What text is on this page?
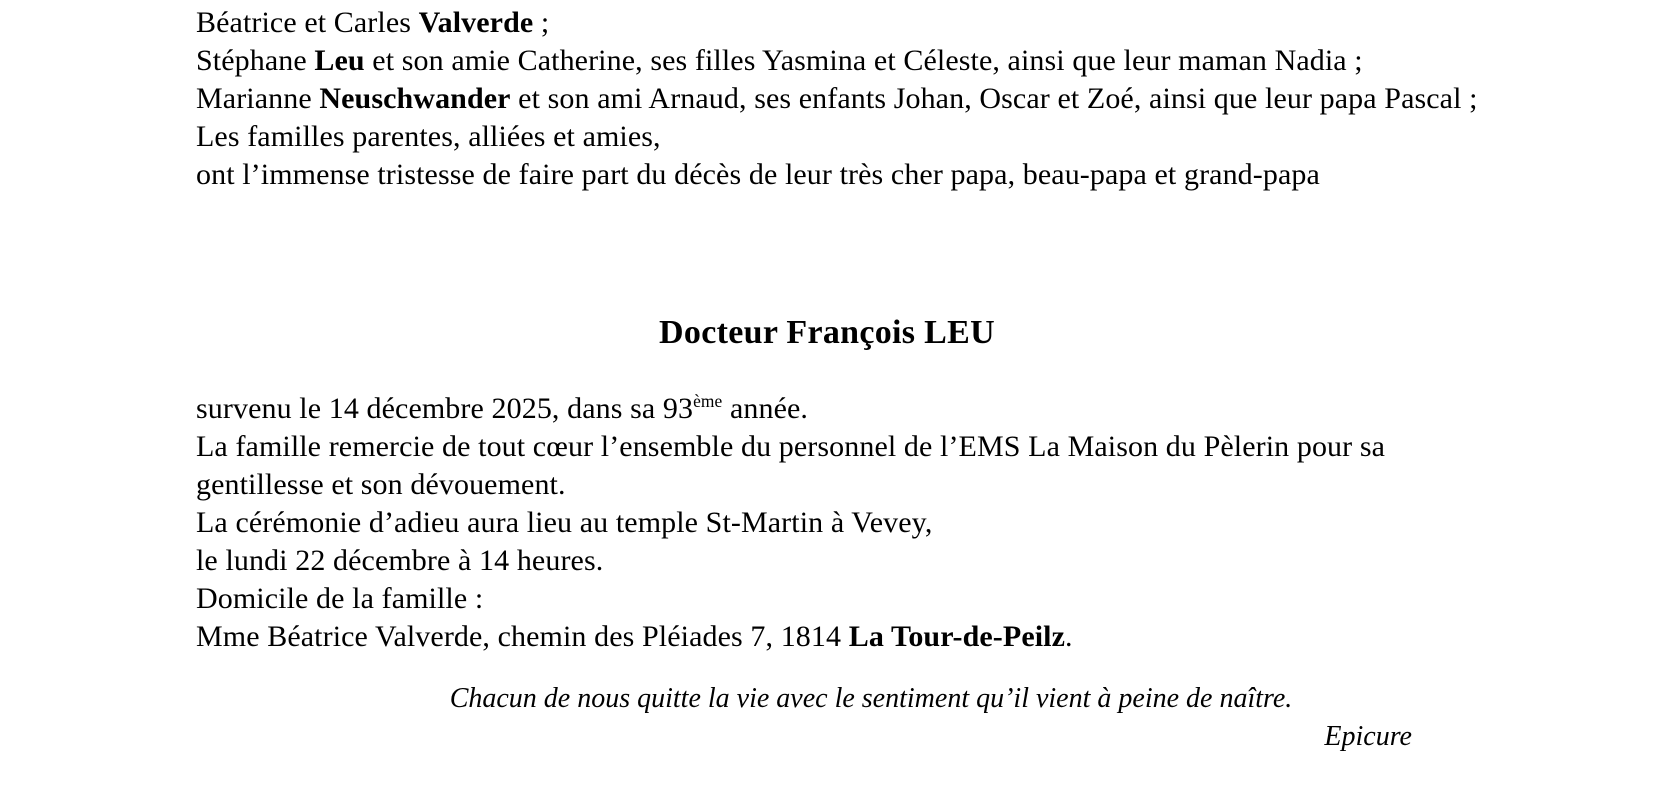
Béatrice et Carles Valverde ;
Stéphane Leu et son amie Catherine, ses filles Yasmina et Céleste, ainsi que leur maman Nadia ;
Marianne Neuschwander et son ami Arnaud, ses enfants Johan, Oscar et Zoé, ainsi que leur papa Pascal ;
Les familles parentes, alliées et amies,
ont l’immense tristesse de faire part du décès de leur très cher papa, beau-papa et grand-papa
Docteur François LEU
survenu le 14 décembre 2025, dans sa 93ème année.
La famille remercie de tout cœur l’ensemble du personnel de l’EMS La Maison du Pèlerin pour sa gentillesse et son dévouement.
La cérémonie d’adieu aura lieu au temple St-Martin à Vevey,
le lundi 22 décembre à 14 heures.
Domicile de la famille :
Mme Béatrice Valverde, chemin des Pléiades 7, 1814 La Tour-de-Peilz.
Chacun de nous quitte la vie avec le sentiment qu’il vient à peine de naître.
Epicure
